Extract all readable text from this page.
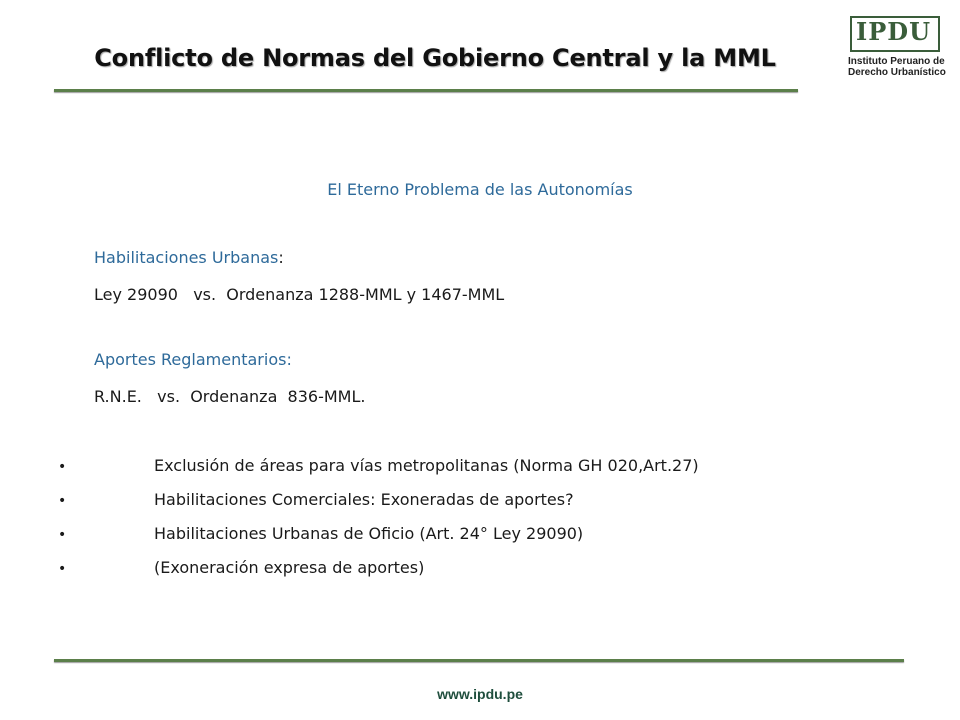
Conflicto de Normas del Gobierno Central y la MML
IPDU
Instituto Peruano de
Derecho Urbanístico
El Eterno Problema de las Autonomías
Habilitaciones Urbanas:
Ley 29090   vs.  Ordenanza 1288-MML y 1467-MML
Aportes Reglamentarios:
R.N.E.   vs.  Ordenanza  836-MML.
•	Exclusión de áreas para vías metropolitanas (Norma GH 020,Art.27)
•	Habilitaciones Comerciales: Exoneradas de aportes?
•	Habilitaciones Urbanas de Oficio (Art. 24° Ley 29090)
•	(Exoneración expresa de aportes)
www.ipdu.pe
